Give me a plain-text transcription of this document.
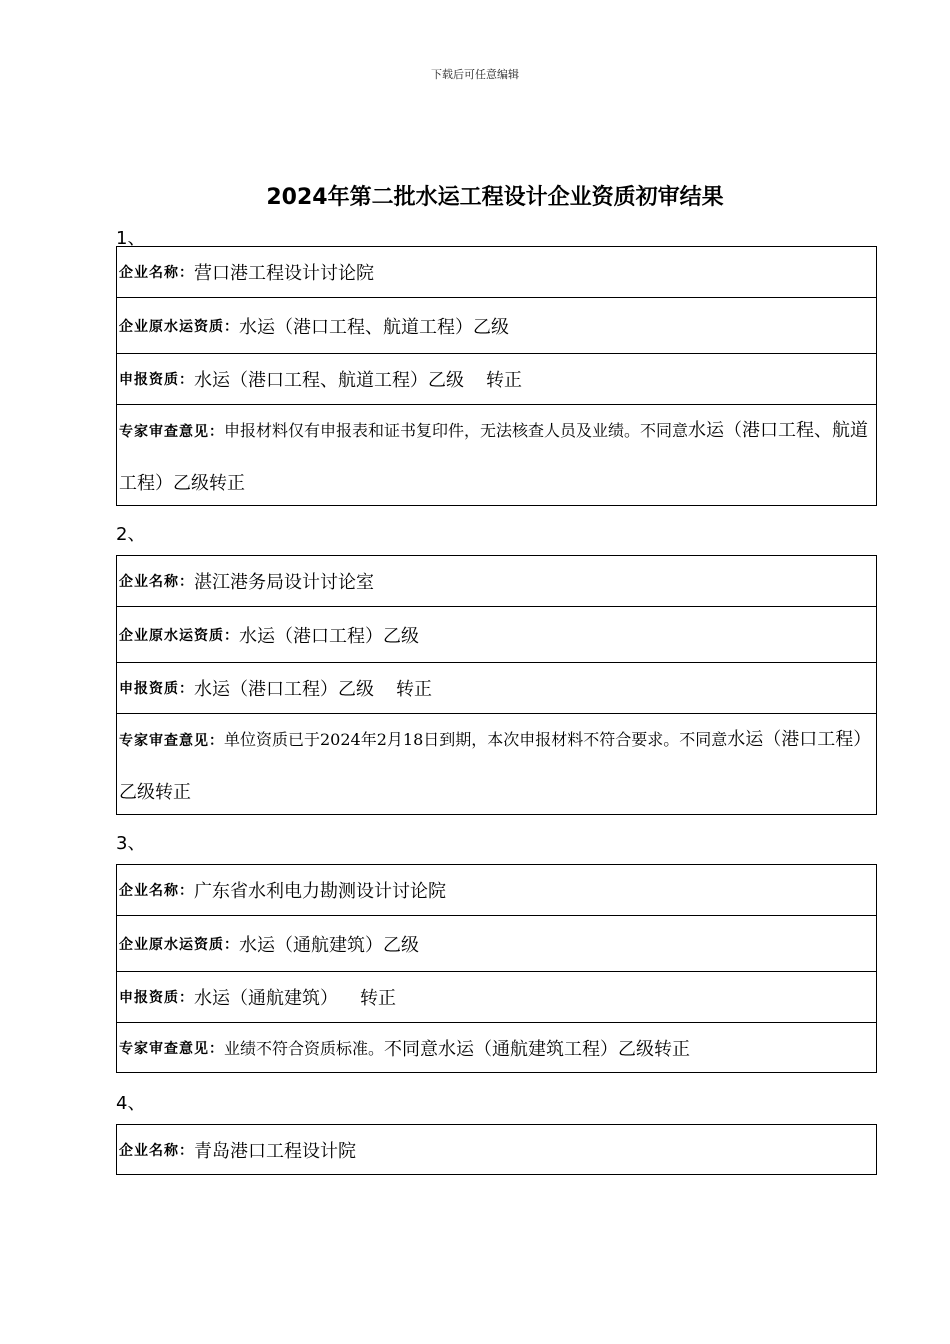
下载后可任意编辑
2024年第二批水运工程设计企业资质初审结果
1、
企业名称： 营口港工程设计讨论院
企业原水运资质： 水运（港口工程、航道工程）乙级
申报资质： 水运（港口工程、航道工程）乙级 转正
专家审查意见：申报材料仅有申报表和证书复印件，无法核查人员及业绩。不同意水运（港口工程、航道工程）乙级转正
2、
企业名称： 湛江港务局设计讨论室
企业原水运资质： 水运（港口工程）乙级
申报资质： 水运（港口工程）乙级 转正
专家审查意见：单位资质已于2024年2月18日到期，本次申报材料不符合要求。不同意水运（港口工程）乙级转正
3、
企业名称： 广东省水利电力勘测设计讨论院
企业原水运资质： 水运（通航建筑）乙级
申报资质： 水运（通航建筑） 转正
专家审查意见： 业绩不符合资质标准。 不同意水运（通航建筑工程）乙级转正
4、
企业名称： 青岛港口工程设计院
